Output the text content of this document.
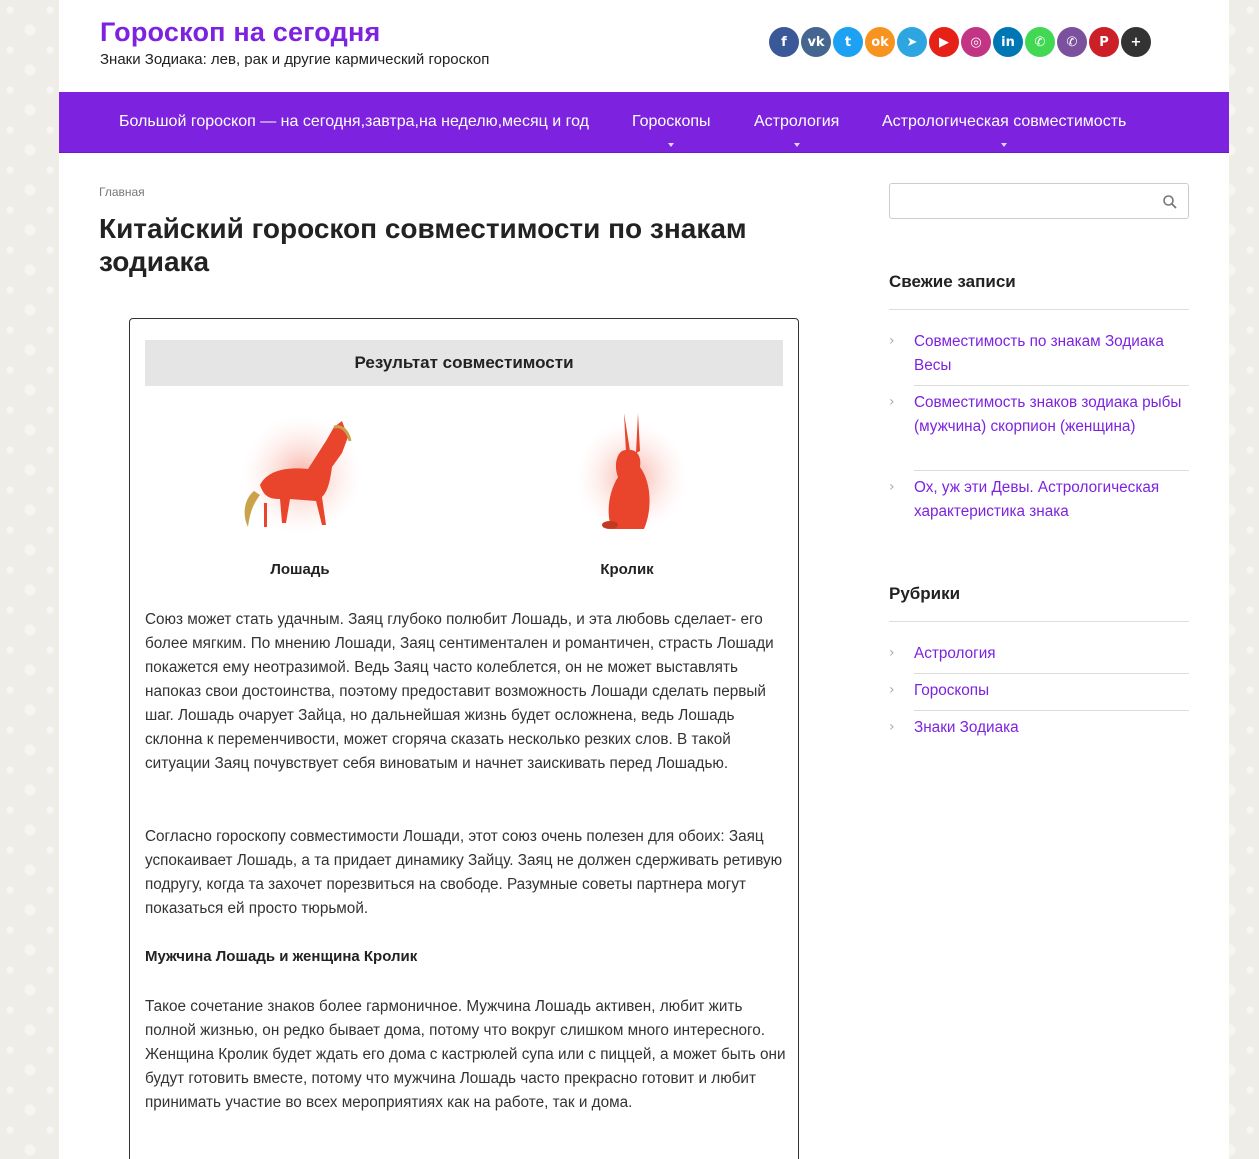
Гороскоп на сегодня
Знаки Зодиака: лев, рак и другие кармический гороскоп
f	vk	t	ok	➤	▶	◎	in	✆	✆	P	+
Большой гороскоп — на сегодня,завтра,на неделю,месяц и год	Гороскопы	Астрология	Астрологическая совместимость
Главная
Китайский гороскоп совместимости по знакам зодиака
Результат совместимости
Лошадь	Кролик

Союз может стать удачным. Заяц глубоко полюбит Лошадь, и эта любовь сделает- его более мягким. По мнению Лошади, Заяц сентиментален и романтичен, страсть Лошади покажется ему неотразимой. Ведь Заяц часто колеблется, он не может выставлять напоказ свои достоинства, поэтому предоставит возможность Лошади сделать первый шаг. Лошадь очарует Зайца, но дальнейшая жизнь будет осложнена, ведь Лошадь склонна к переменчивости, может сгоряча сказать несколько резких слов. В такой ситуации Заяц почувствует себя виноватым и начнет заискивать перед Лошадью.

Согласно гороскопу совместимости Лошади, этот союз очень полезен для обоих: Заяц успокаивает Лошадь, а та придает динамику Зайцу. Заяц не должен сдерживать ретивую подругу, когда та захочет порезвиться на свободе. Разумные советы партнера могут показаться ей просто тюрьмой.

Мужчина Лошадь и женщина Кролик

Такое сочетание знаков более гармоничное. Мужчина Лошадь активен, любит жить полной жизнью, он редко бывает дома, потому что вокруг слишком много интересного. Женщина Кролик будет ждать его дома с кастрюлей супа или с пиццей, а может быть они будут готовить вместе, потому что мужчина Лошадь часто прекрасно готовит и любит принимать участие во всех мероприятиях как на работе, так и дома.

Свежие записи
› Совместимость по знакам Зодиака Весы
› Совместимость знаков зодиака рыбы (мужчина) скорпион (женщина)
› Ох, уж эти Девы. Астрологическая характеристика знака
Рубрики
› Астрология
› Гороскопы
› Знаки Зодиака
